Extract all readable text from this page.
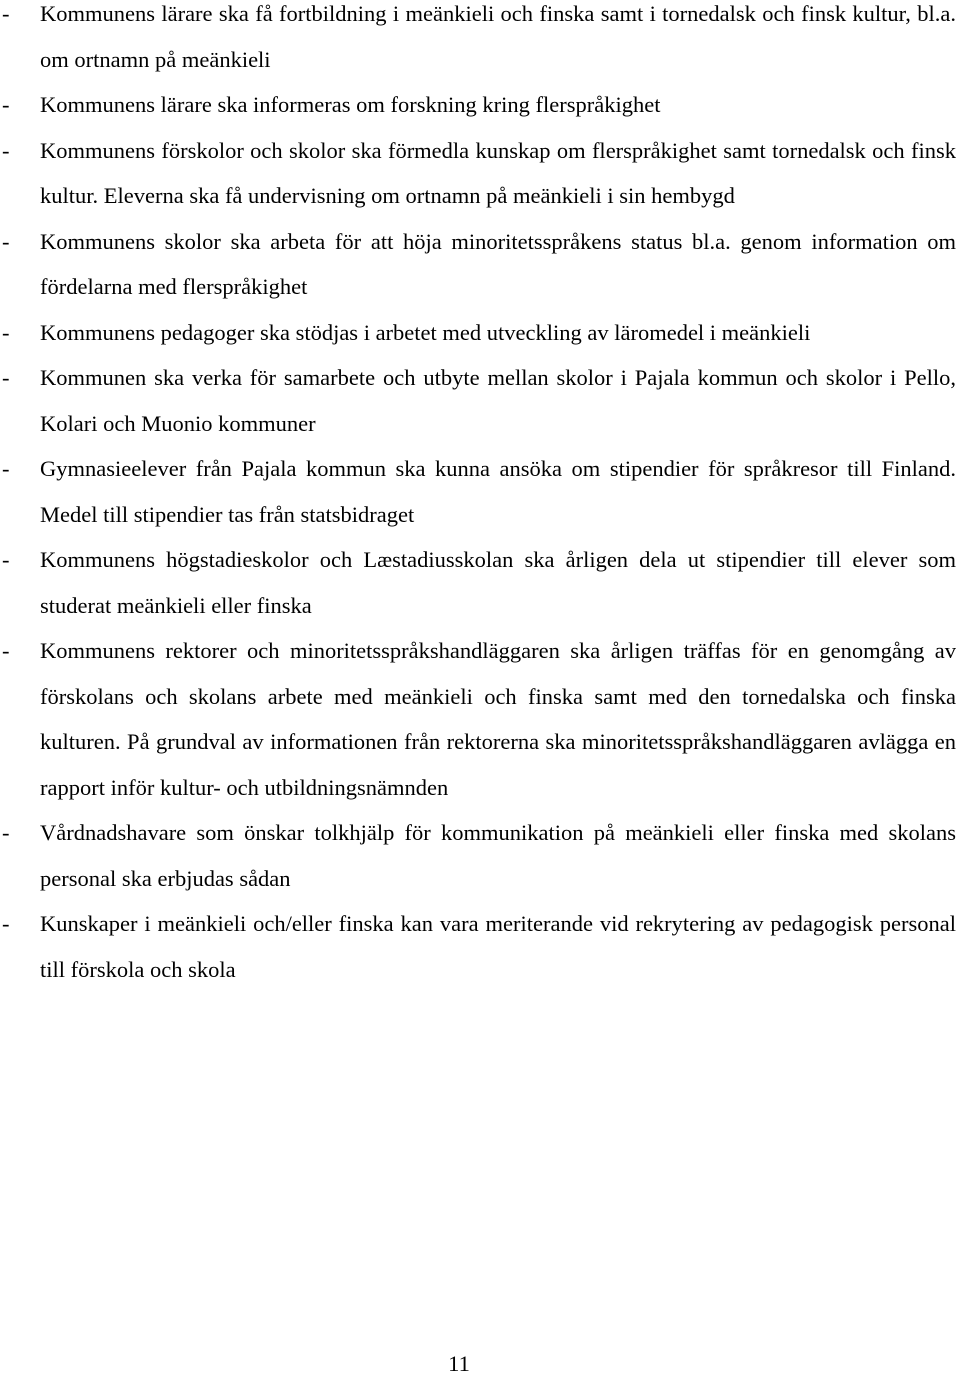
- Kommunens lärare ska få fortbildning i meänkieli och finska samt i tornedalsk och finsk kultur, bl.a. om ortnamn på meänkieli
- Kommunens lärare ska informeras om forskning kring flerspråkighet
- Kommunens förskolor och skolor ska förmedla kunskap om flerspråkighet samt tornedalsk och finsk kultur. Eleverna ska få undervisning om ortnamn på meänkieli i sin hembygd
- Kommunens skolor ska arbeta för att höja minoritetsspråkens status bl.a. genom information om fördelarna med flerspråkighet
- Kommunens pedagoger ska stödjas i arbetet med utveckling av läromedel i meänkieli
- Kommunen ska verka för samarbete och utbyte mellan skolor i Pajala kommun och skolor i Pello, Kolari och Muonio kommuner
- Gymnasieelever från Pajala kommun ska kunna ansöka om stipendier för språkresor till Finland. Medel till stipendier tas från statsbidraget
- Kommunens högstadieskolor och Læstadiusskolan ska årligen dela ut stipendier till elever som studerat meänkieli eller finska
- Kommunens rektorer och minoritetsspråkshandläggaren ska årligen träffas för en genomgång av förskolans och skolans arbete med meänkieli och finska samt med den tornedalska och finska kulturen. På grundval av informationen från rektorerna ska minoritetsspråkshandläggaren avlägga en rapport inför kultur- och utbildningsnämnden
- Vårdnadshavare som önskar tolkhjälp för kommunikation på meänkieli eller finska med skolans personal ska erbjudas sådan
- Kunskaper i meänkieli och/eller finska kan vara meriterande vid rekrytering av pedagogisk personal till förskola och skola
11
